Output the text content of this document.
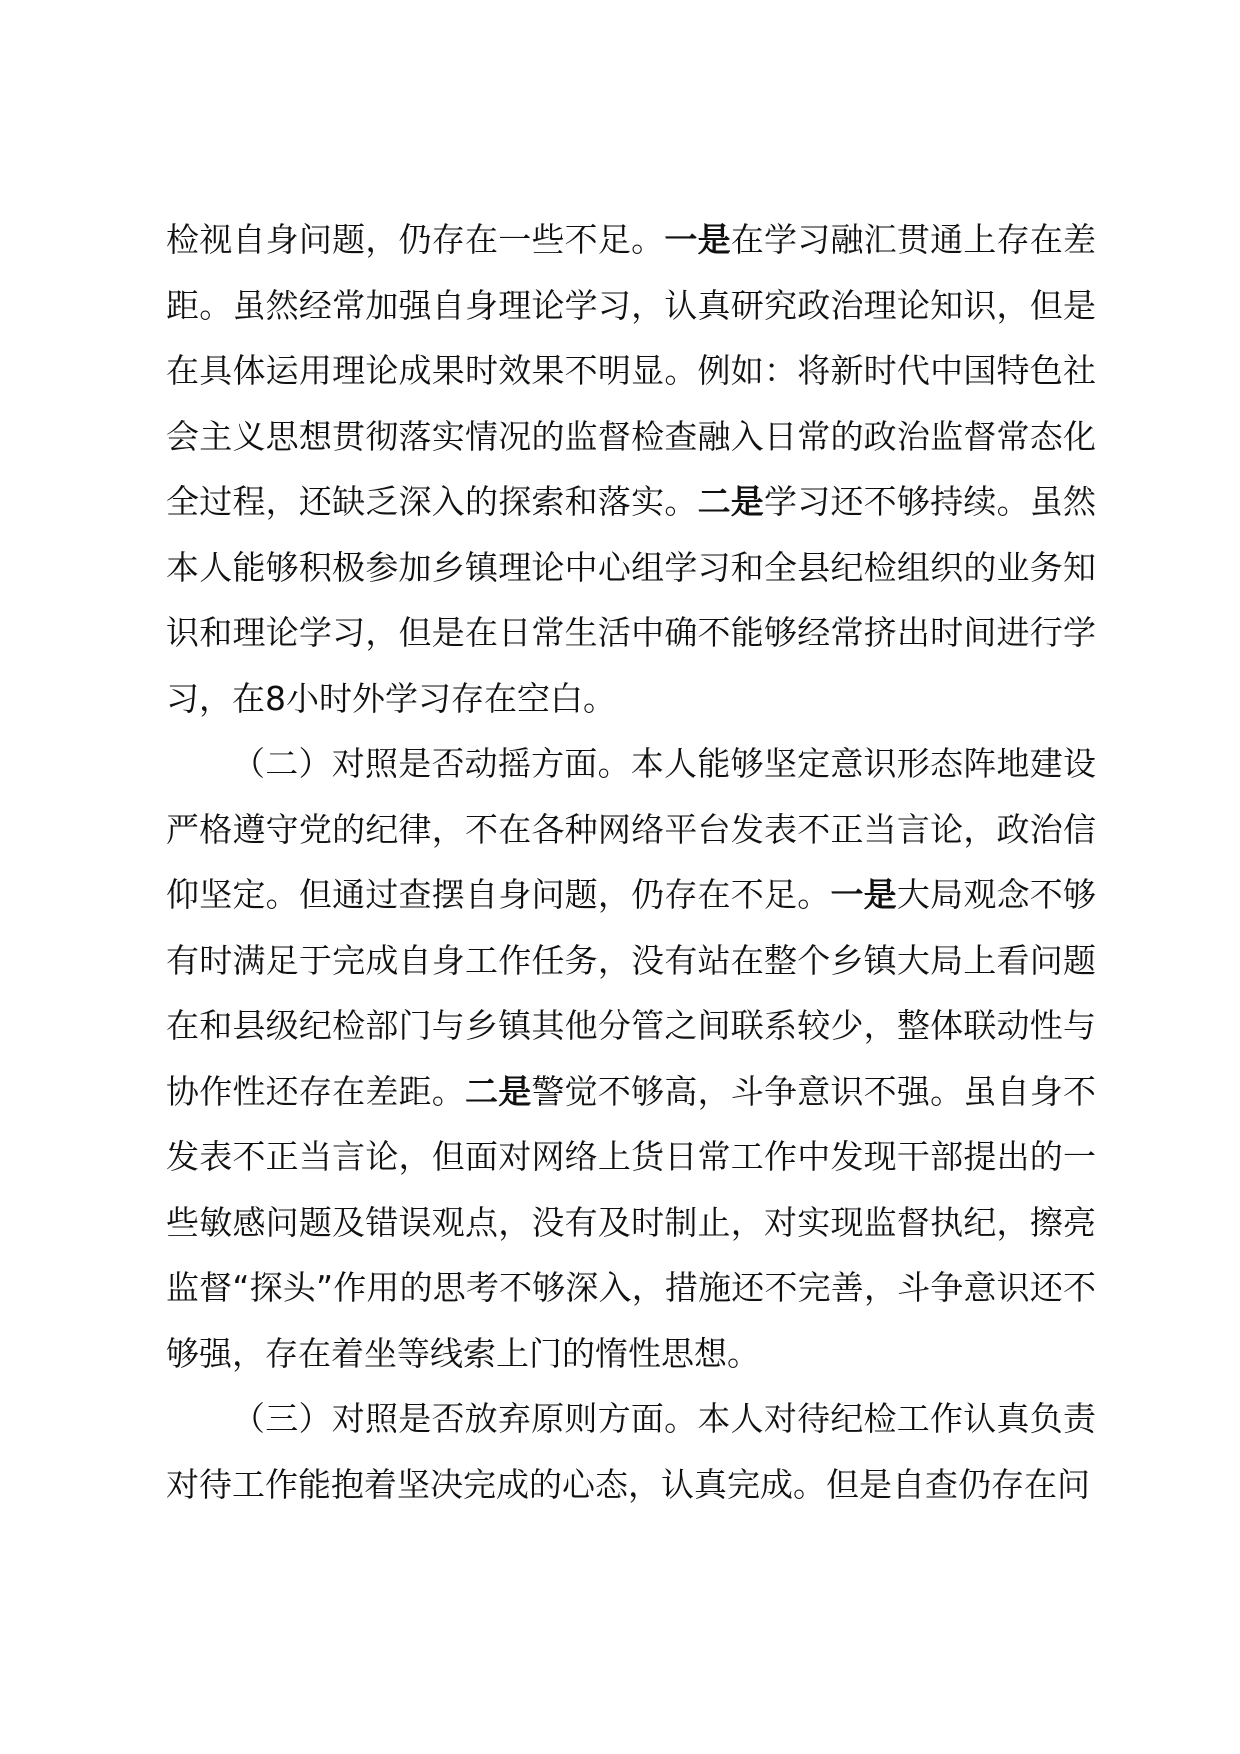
检视自身问题，仍存在一些不足。一是在学习融汇贯通上存在差距。虽然经常加强自身理论学习，认真研究政治理论知识，但是在具体运用理论成果时效果不明显。例如：将新时代中国特色社会主义思想贯彻落实情况的监督检查融入日常的政治监督常态化全过程，还缺乏深入的探索和落实。二是学习还不够持续。虽然本人能够积极参加乡镇理论中心组学习和全县纪检组织的业务知识和理论学习，但是在日常生活中确不能够经常挤出时间进行学习，在8小时外学习存在空白。

（二）对照是否动摇方面。本人能够坚定意识形态阵地建设严格遵守党的纪律，不在各种网络平台发表不正当言论，政治信仰坚定。但通过查摆自身问题，仍存在不足。一是大局观念不够有时满足于完成自身工作任务，没有站在整个乡镇大局上看问题在和县级纪检部门与乡镇其他分管之间联系较少，整体联动性与协作性还存在差距。二是警觉不够高，斗争意识不强。虽自身不发表不正当言论，但面对网络上货日常工作中发现干部提出的一些敏感问题及错误观点，没有及时制止，对实现监督执纪，擦亮监督“探头”作用的思考不够深入，措施还不完善，斗争意识还不够强，存在着坐等线索上门的惰性思想。

（三）对照是否放弃原则方面。本人对待纪检工作认真负责对待工作能抱着坚决完成的心态，认真完成。但是自查仍存在问
